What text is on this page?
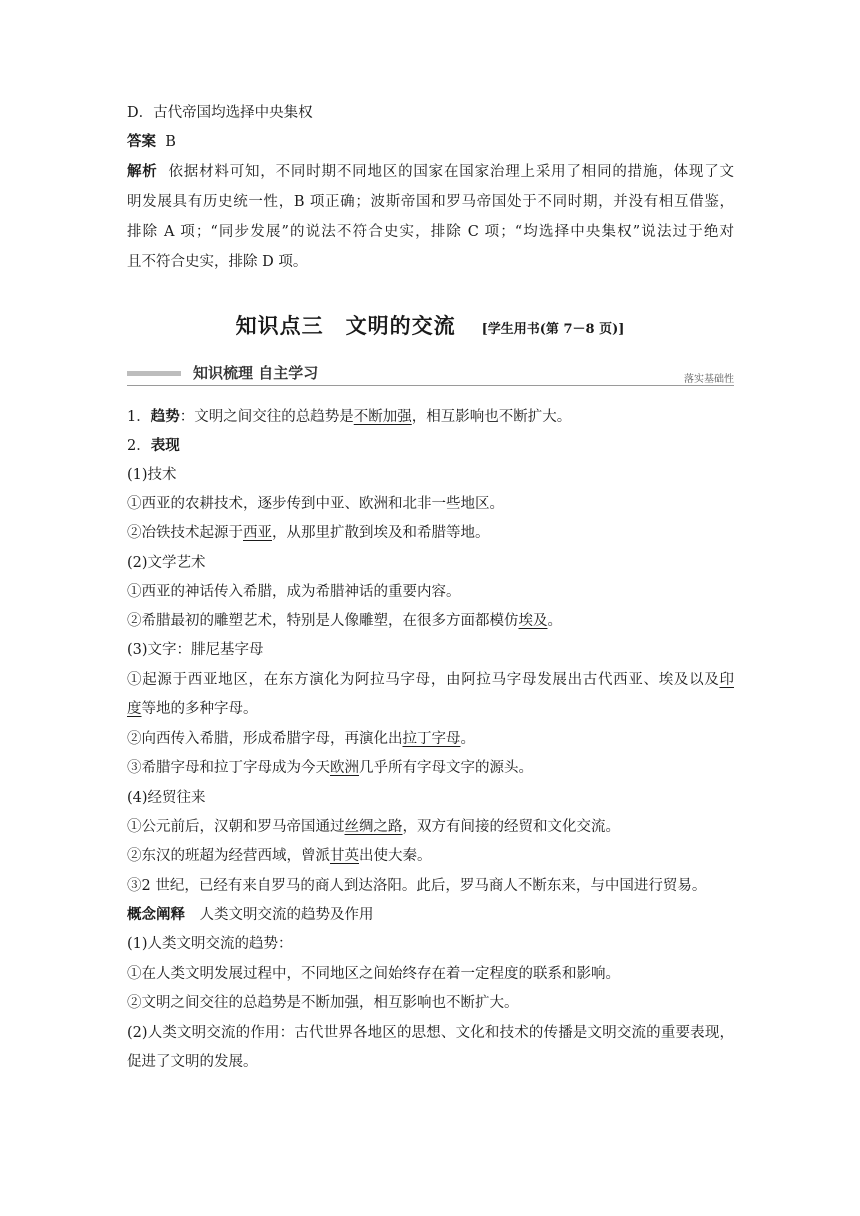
D．古代帝国均选择中央集权
答案 B
解析 依据材料可知，不同时期不同地区的国家在国家治理上采用了相同的措施，体现了文
明发展具有历史统一性，B 项正确；波斯帝国和罗马帝国处于不同时期，并没有相互借鉴，
排除 A 项；“同步发展”的说法不符合史实，排除 C 项；“均选择中央集权”说法过于绝对
且不符合史实，排除 D 项。
知识点三　文明的交流 [学生用书(第 7－8 页)]
知识梳理 自主学习	落实基础性
1．趋势：文明之间交往的总趋势是不断加强，相互影响也不断扩大。
2．表现
(1)技术
①西亚的农耕技术，逐步传到中亚、欧洲和北非一些地区。
②冶铁技术起源于西亚，从那里扩散到埃及和希腊等地。
(2)文学艺术
①西亚的神话传入希腊，成为希腊神话的重要内容。
②希腊最初的雕塑艺术，特别是人像雕塑，在很多方面都模仿埃及。
(3)文字：腓尼基字母
①起源于西亚地区，在东方演化为阿拉马字母，由阿拉马字母发展出古代西亚、埃及以及印
度等地的多种字母。
②向西传入希腊，形成希腊字母，再演化出拉丁字母。
③希腊字母和拉丁字母成为今天欧洲几乎所有字母文字的源头。
(4)经贸往来
①公元前后，汉朝和罗马帝国通过丝绸之路，双方有间接的经贸和文化交流。
②东汉的班超为经营西域，曾派甘英出使大秦。
③2 世纪，已经有来自罗马的商人到达洛阳。此后，罗马商人不断东来，与中国进行贸易。
概念阐释　人类文明交流的趋势及作用
(1)人类文明交流的趋势：
①在人类文明发展过程中，不同地区之间始终存在着一定程度的联系和影响。
②文明之间交往的总趋势是不断加强，相互影响也不断扩大。
(2)人类文明交流的作用：古代世界各地区的思想、文化和技术的传播是文明交流的重要表现，
促进了文明的发展。
